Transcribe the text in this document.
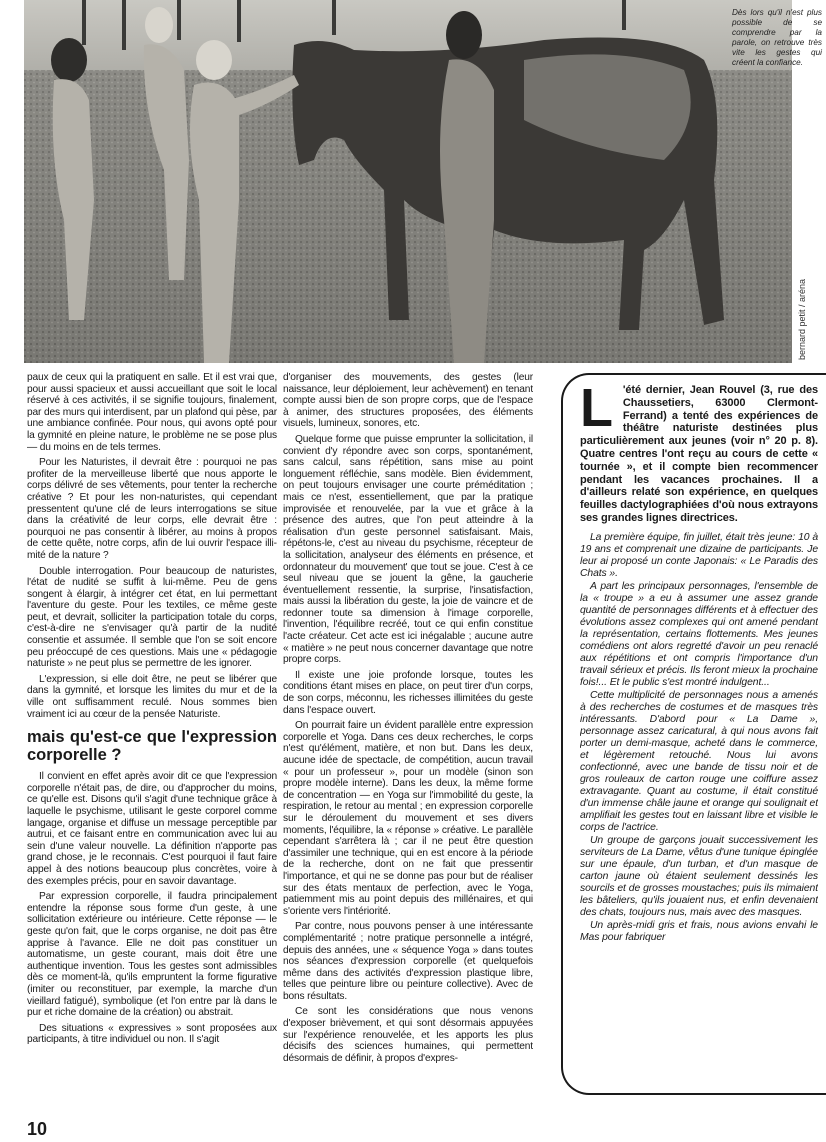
bernard petit / aréna
Dès lors qu'il n'est plus possible de se comprendre par la parole, on retrouve très vite les gestes qui créent la confiance.

paux de ceux qui la pratiquent en salle. Et il est vrai que, pour aussi spacieux et aussi accueillant que soit le local réservé à ces activités, il se signifie toujours, finalement, par des murs qui interdisent, par un plafond qui pèse, par une ambiance confinée. Pour nous, qui avons opté pour la gymnité en pleine nature, le problème ne se pose plus — du moins en de tels termes.

Pour les Naturistes, il devrait être : pourquoi ne pas profiter de la merveilleuse liberté que nous apporte le corps délivré de ses vêtements, pour tenter la recherche créative ? Et pour les non-naturistes, qui cependant pressentent qu'une clé de leurs interrogations se situe dans la créativité de leur corps, elle devrait être : pourquoi ne pas consentir à libérer, au moins à propos de cette quête, notre corps, afin de lui ouvrir l'espace illimité de la nature ?

Double interrogation. Pour beaucoup de naturistes, l'état de nudité se suffit à lui-même. Peu de gens songent à élargir, à intégrer cet état, en lui permettant l'aventure du geste. Pour les textiles, ce même geste peut, et devrait, solliciter la participation totale du corps, c'est-à-dire ne s'envisager qu'à partir de la nudité consentie et assumée. Il semble que l'on se soit encore peu préoccupé de ces questions. Mais une « pédagogie naturiste » ne peut plus se permettre de les ignorer.

L'expression, si elle doit être, ne peut se libérer que dans la gymnité, et lorsque les limites du mur et de la ville ont suffisamment reculé. Nous sommes bien vraiment ici au cœur de la pensée Naturiste.

mais qu'est-ce que l'expression corporelle ?

Il convient en effet après avoir dit ce que l'expression corporelle n'était pas, de dire, ou d'approcher du moins, ce qu'elle est. Disons qu'il s'agit d'une technique grâce à laquelle le psychisme, utilisant le geste corporel comme langage, organise et diffuse un message perceptible par autrui, et ce faisant entre en communication avec lui au sein d'une valeur nouvelle. La définition n'apporte pas grand chose, je le reconnais. C'est pourquoi il faut faire appel à des notions beaucoup plus concrètes, voire à des exemples précis, pour en savoir davantage.

Par expression corporelle, il faudra principalement entendre la réponse sous forme d'un geste, à une sollicitation extérieure ou intérieure. Cette réponse — le geste qu'on fait, que le corps organise, ne doit pas être apprise à l'avance. Elle ne doit pas constituer un automatisme, un geste courant, mais doit être une authentique invention. Tous les gestes sont admissibles dès ce moment-là, qu'ils empruntent la forme figurative (imiter ou reconstituer, par exemple, la marche d'un vieillard fatigué), symbolique (et l'on entre par là dans le pur et riche domaine de la création) ou abstrait.

Des situations « expressives » sont proposées aux participants, à titre individuel ou non. Il s'agit

d'organiser des mouvements, des gestes (leur naissance, leur déploiement, leur achèvement) en tenant compte aussi bien de son propre corps, que de l'espace à animer, des structures proposées, des éléments visuels, lumineux, sonores, etc.

Quelque forme que puisse emprunter la sollicitation, il convient d'y répondre avec son corps, spontanément, sans calcul, sans répétition, sans mise au point longuement réfléchie, sans modèle. Bien évidemment, on peut toujours envisager une courte préméditation ; mais ce n'est, essentiellement, que par la pratique improvisée et renouvelée, par la vue et grâce à la présence des autres, que l'on peut atteindre à la réalisation d'un geste personnel satisfaisant. Mais, répétons-le, c'est au niveau du psychisme, récepteur de la sollicitation, analyseur des éléments en présence, et ordonnateur du mouvement' que tout se joue. C'est à ce seul niveau que se jouent la gêne, la gaucherie éventuellement ressentie, la surprise, l'insatisfaction, mais aussi la libération du geste, la joie de vaincre et de redonner toute sa dimension à l'image corporelle, l'invention, l'équilibre recréé, tout ce qui enfin constitue l'acte créateur. Cet acte est ici inégalable ; aucune autre « matière » ne peut nous concerner davantage que notre propre corps.

Il existe une joie profonde lorsque, toutes les conditions étant mises en place, on peut tirer d'un corps, de son corps, méconnu, les richesses illimitées du geste dans l'espace ouvert.

On pourrait faire un évident parallèle entre expression corporelle et Yoga. Dans ces deux recherches, le corps n'est qu'élément, matière, et non but. Dans les deux, aucune idée de spectacle, de compétition, aucun travail « pour un professeur », pour un modèle (sinon son propre modèle interne). Dans les deux, la même forme de concentration — en Yoga sur l'immobilité du geste, la respiration, le retour au mental ; en expression corporelle sur le déroulement du mouvement et ses divers moments, l'équilibre, la « réponse » créative. Le parallèle cependant s'arrêtera là ; car il ne peut être question d'assimiler une technique, qui en est encore à la période de la recherche, dont on ne fait que pressentir l'importance, et qui ne se donne pas pour but de réaliser sur des états mentaux de perfection, avec le Yoga, patiemment mis au point depuis des millénaires, et qui s'oriente vers l'intériorité.

Par contre, nous pouvons penser à une intéressante complémentarité ; notre pratique personnelle a intégré, depuis des années, une « séquence Yoga » dans toutes nos séances d'expression corporelle (et quelquefois même dans des activités d'expression plastique libre, telles que peinture libre ou peinture collective). Avec de bons résultats.

Ce sont les considérations que nous venons d'exposer brièvement, et qui sont désormais appuyées sur l'expérience renouvelée, et les apports les plus décisifs des sciences humaines, qui permettent désormais de définir, à propos d'expres-

L 'été dernier, Jean Rouvel (3, rue des Chaussetiers, 63000 Clermont-Ferrand) a tenté des expériences de théâtre naturiste destinées plus particulièrement aux jeunes (voir n° 20 p. 8). Quatre centres l'ont reçu au cours de cette « tournée », et il compte bien recommencer pendant les vacances prochaines. Il a d'ailleurs relaté son expérience, en quelques feuilles dactylographiées d'où nous extrayons ses grandes lignes directrices.

La première équipe, fin juillet, était très jeune: 10 à 19 ans et comprenait une dizaine de participants. Je leur ai proposé un conte Japonais: « Le Paradis des Chats ».

A part les principaux personnages, l'ensemble de la « troupe » a eu à assumer une assez grande quantité de personnages différents et à effectuer des évolutions assez complexes qui ont amené pendant la représentation, certains flottements. Mes jeunes comédiens ont alors regretté d'avoir un peu renaclé aux répétitions et ont compris l'importance d'un travail sérieux et précis. Ils feront mieux la prochaine fois!... Et le public s'est montré indulgent...

Cette multiplicité de personnages nous a amenés à des recherches de costumes et de masques très intéressants. D'abord pour « La Dame », personnage assez caricatural, à qui nous avons fait porter un demi-masque, acheté dans le commerce, et légèrement retouché. Nous lui avons confectionné, avec une bande de tissu noir et de gros rouleaux de carton rouge une coiffure assez extravagante. Quant au costume, il était constitué d'un immense châle jaune et orange qui soulignait et amplifiait les gestes tout en laissant libre et visible le corps de l'actrice.

Un groupe de garçons jouait successivement les serviteurs de La Dame, vêtus d'une tunique épinglée sur une épaule, d'un turban, et d'un masque de carton jaune où étaient seulement dessinés les sourcils et de grosses moustaches; puis ils mimaient les bâteliers, qu'ils jouaient nus, et enfin devenaient des chats, toujours nus, mais avec des masques.

Un après-midi gris et frais, nous avions envahi le Mas pour fabriquer

10
